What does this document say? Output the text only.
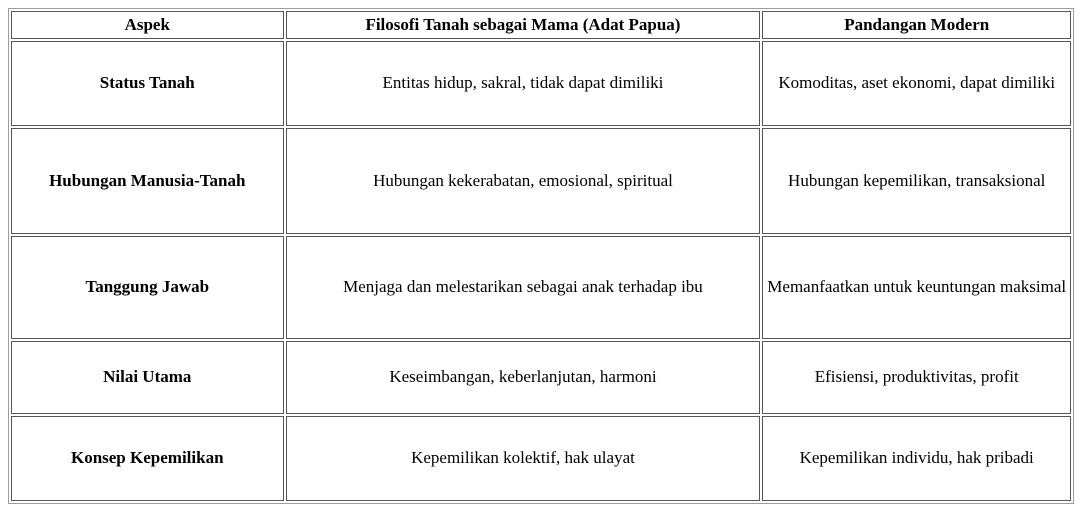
Aspek	Filosofi Tanah sebagai Mama (Adat Papua)	Pandangan Modern
Status Tanah	Entitas hidup, sakral, tidak dapat dimiliki	Komoditas, aset ekonomi, dapat dimiliki
Hubungan Manusia-Tanah	Hubungan kekerabatan, emosional, spiritual	Hubungan kepemilikan, transaksional
Tanggung Jawab	Menjaga dan melestarikan sebagai anak terhadap ibu	Memanfaatkan untuk keuntungan maksimal
Nilai Utama	Keseimbangan, keberlanjutan, harmoni	Efisiensi, produktivitas, profit
Konsep Kepemilikan	Kepemilikan kolektif, hak ulayat	Kepemilikan individu, hak pribadi
